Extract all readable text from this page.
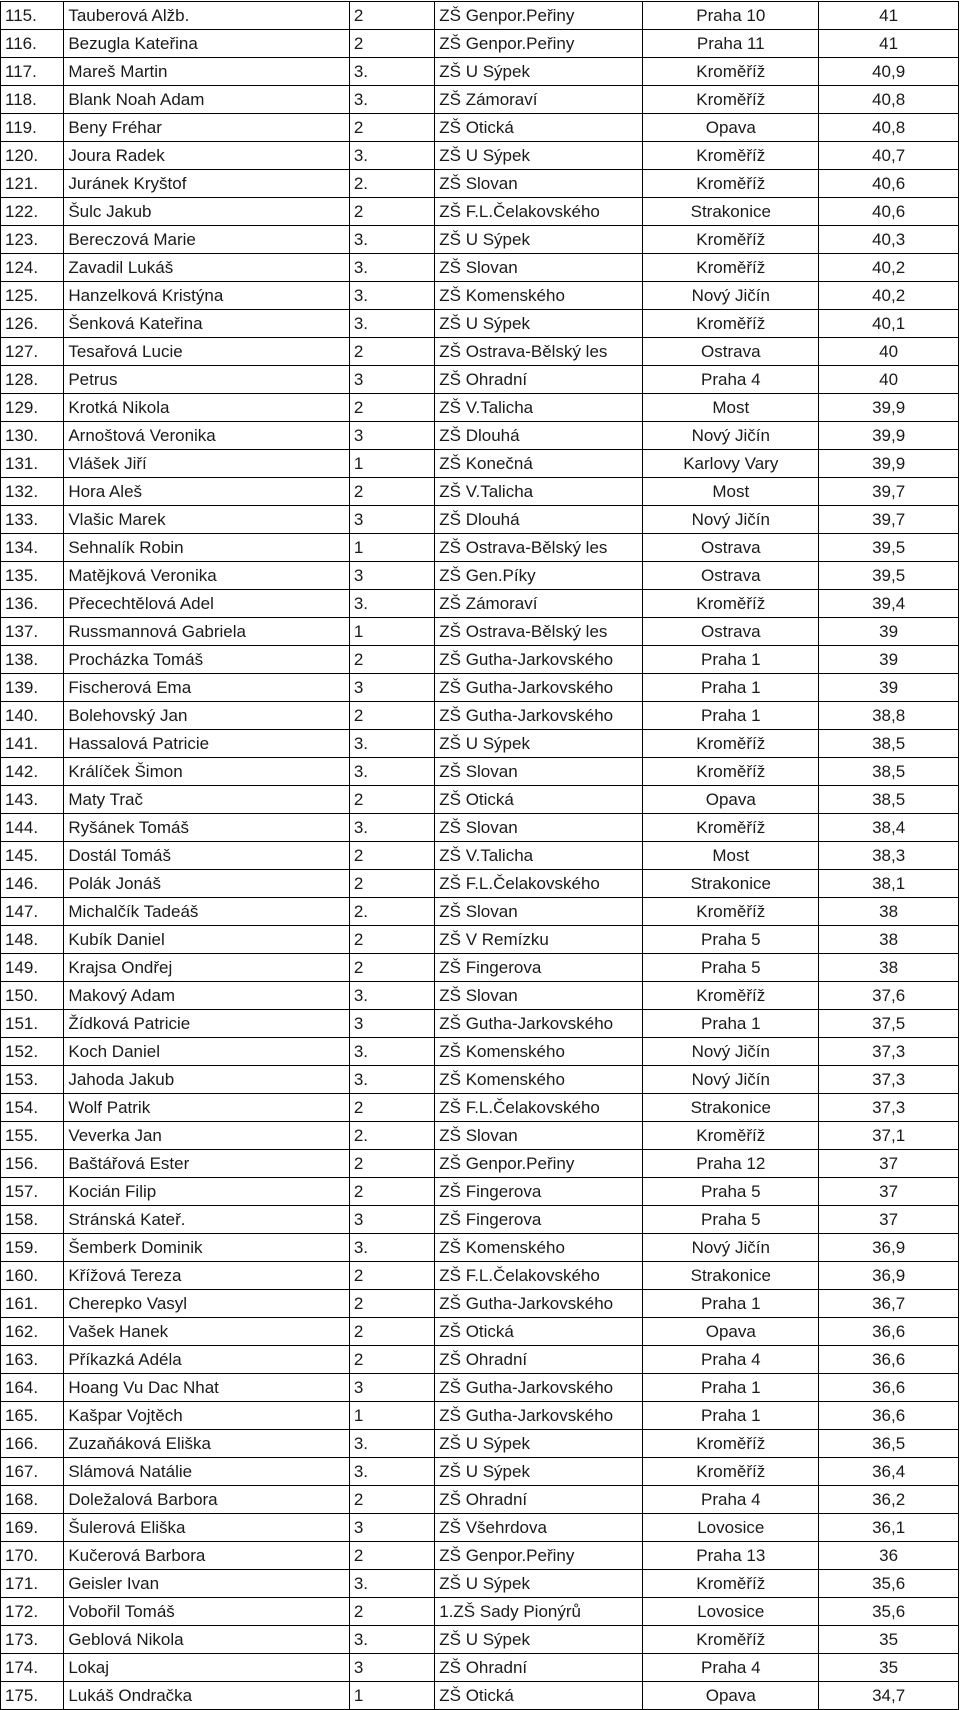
115.	Tauberová Alžb.	2	ZŠ Genpor.Peřiny	Praha 10	41
116.	Bezugla Kateřina	2	ZŠ Genpor.Peřiny	Praha 11	41
117.	Mareš Martin	3.	ZŠ U Sýpek	Kroměříž	40,9
118.	Blank Noah Adam	3.	ZŠ Zámoraví	Kroměříž	40,8
119.	Beny Fréhar	2	ZŠ Otická	Opava	40,8
120.	Joura Radek	3.	ZŠ U Sýpek	Kroměříž	40,7
121.	Juránek Kryštof	2.	ZŠ Slovan	Kroměříž	40,6
122.	Šulc Jakub	2	ZŠ F.L.Čelakovského	Strakonice	40,6
123.	Bereczová Marie	3.	ZŠ U Sýpek	Kroměříž	40,3
124.	Zavadil Lukáš	3.	ZŠ Slovan	Kroměříž	40,2
125.	Hanzelková Kristýna	3.	ZŠ Komenského	Nový Jičín	40,2
126.	Šenková Kateřina	3.	ZŠ U Sýpek	Kroměříž	40,1
127.	Tesařová Lucie	2	ZŠ Ostrava-Bělský les	Ostrava	40
128.	Petrus	3	ZŠ Ohradní	Praha 4	40
129.	Krotká Nikola	2	ZŠ V.Talicha	Most	39,9
130.	Arnoštová Veronika	3	ZŠ Dlouhá	Nový Jičín	39,9
131.	Vlášek Jiří	1	ZŠ Konečná	Karlovy Vary	39,9
132.	Hora Aleš	2	ZŠ V.Talicha	Most	39,7
133.	Vlašic Marek	3	ZŠ Dlouhá	Nový Jičín	39,7
134.	Sehnalík Robin	1	ZŠ Ostrava-Bělský les	Ostrava	39,5
135.	Matějková Veronika	3	ZŠ Gen.Píky	Ostrava	39,5
136.	Přecechtělová Adel	3.	ZŠ Zámoraví	Kroměříž	39,4
137.	Russmannová Gabriela	1	ZŠ Ostrava-Bělský les	Ostrava	39
138.	Procházka Tomáš	2	ZŠ Gutha-Jarkovského	Praha 1	39
139.	Fischerová Ema	3	ZŠ Gutha-Jarkovského	Praha 1	39
140.	Bolehovský Jan	2	ZŠ Gutha-Jarkovského	Praha 1	38,8
141.	Hassalová Patricie	3.	ZŠ U Sýpek	Kroměříž	38,5
142.	Králíček Šimon	3.	ZŠ Slovan	Kroměříž	38,5
143.	Maty Trač	2	ZŠ Otická	Opava	38,5
144.	Ryšánek Tomáš	3.	ZŠ Slovan	Kroměříž	38,4
145.	Dostál Tomáš	2	ZŠ V.Talicha	Most	38,3
146.	Polák Jonáš	2	ZŠ F.L.Čelakovského	Strakonice	38,1
147.	Michalčík Tadeáš	2.	ZŠ Slovan	Kroměříž	38
148.	Kubík Daniel	2	ZŠ V Remízku	Praha 5	38
149.	Krajsa Ondřej	2	ZŠ Fingerova	Praha 5	38
150.	Makový Adam	3.	ZŠ Slovan	Kroměříž	37,6
151.	Žídková Patricie	3	ZŠ Gutha-Jarkovského	Praha 1	37,5
152.	Koch Daniel	3.	ZŠ Komenského	Nový Jičín	37,3
153.	Jahoda Jakub	3.	ZŠ Komenského	Nový Jičín	37,3
154.	Wolf Patrik	2	ZŠ F.L.Čelakovského	Strakonice	37,3
155.	Veverka Jan	2.	ZŠ Slovan	Kroměříž	37,1
156.	Baštářová Ester	2	ZŠ Genpor.Peřiny	Praha 12	37
157.	Kocián Filip	2	ZŠ Fingerova	Praha 5	37
158.	Stránská Kateř.	3	ZŠ Fingerova	Praha 5	37
159.	Šemberk Dominik	3.	ZŠ Komenského	Nový Jičín	36,9
160.	Křížová Tereza	2	ZŠ F.L.Čelakovského	Strakonice	36,9
161.	Cherepko Vasyl	2	ZŠ Gutha-Jarkovského	Praha 1	36,7
162.	Vašek Hanek	2	ZŠ Otická	Opava	36,6
163.	Příkazká Adéla	2	ZŠ Ohradní	Praha 4	36,6
164.	Hoang Vu Dac Nhat	3	ZŠ Gutha-Jarkovského	Praha 1	36,6
165.	Kašpar Vojtěch	1	ZŠ Gutha-Jarkovského	Praha 1	36,6
166.	Zuzaňáková Eliška	3.	ZŠ U Sýpek	Kroměříž	36,5
167.	Slámová Natálie	3.	ZŠ U Sýpek	Kroměříž	36,4
168.	Doležalová Barbora	2	ZŠ Ohradní	Praha 4	36,2
169.	Šulerová Eliška	3	ZŠ Všehrdova	Lovosice	36,1
170.	Kučerová Barbora	2	ZŠ Genpor.Peřiny	Praha 13	36
171.	Geisler Ivan	3.	ZŠ U Sýpek	Kroměříž	35,6
172.	Vobořil Tomáš	2	1.ZŠ Sady Pionýrů	Lovosice	35,6
173.	Geblová Nikola	3.	ZŠ U Sýpek	Kroměříž	35
174.	Lokaj	3	ZŠ Ohradní	Praha 4	35
175.	Lukáš Ondračka	1	ZŠ Otická	Opava	34,7
